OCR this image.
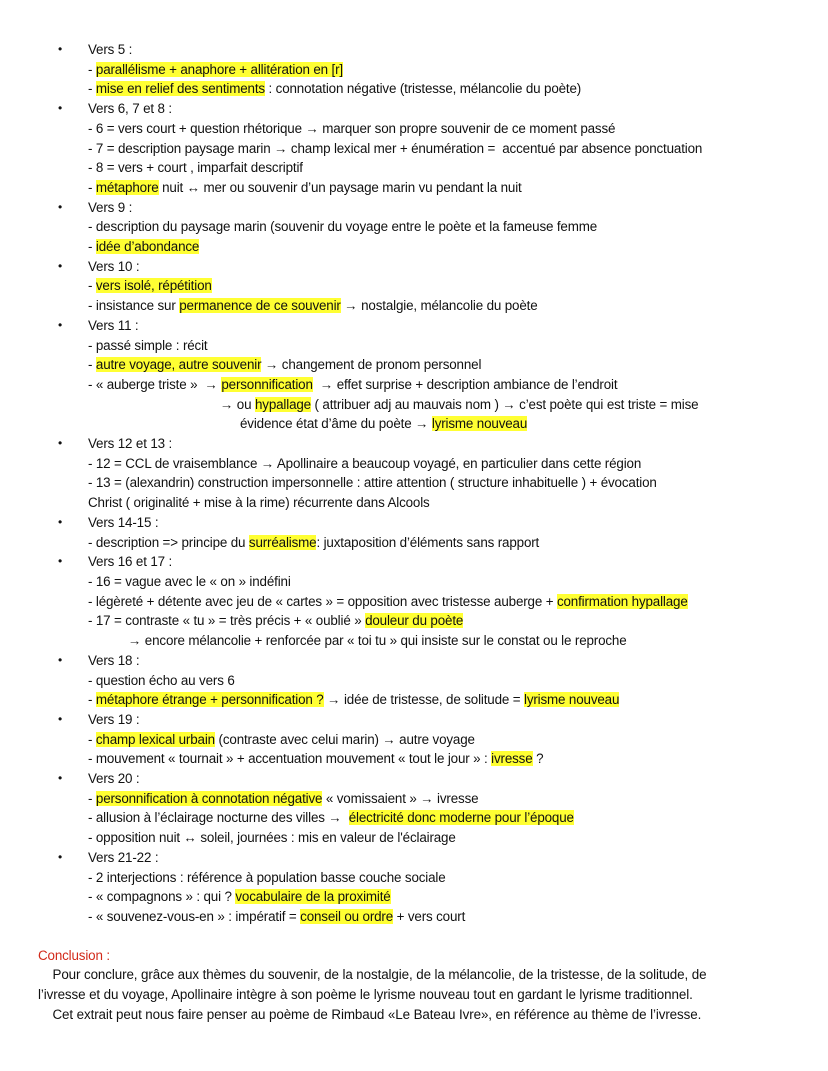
• Vers 5 :
- parallélisme + anaphore + allitération en [r]
- mise en relief des sentiments : connotation négative (tristesse, mélancolie du poète)
• Vers 6, 7 et 8 :
- 6 = vers court + question rhétorique → marquer son propre souvenir de ce moment passé
- 7 = description paysage marin → champ lexical mer + énumération =  accentué par absence ponctuation
- 8 = vers + court , imparfait descriptif
- métaphore nuit ↔ mer ou souvenir d’un paysage marin vu pendant la nuit
• Vers 9 :
- description du paysage marin (souvenir du voyage entre le poète et la fameuse femme
- idée d’abondance
• Vers 10 :
- vers isolé, répétition
- insistance sur permanence de ce souvenir → nostalgie, mélancolie du poète
• Vers 11 :
- passé simple : récit
- autre voyage, autre souvenir → changement de pronom personnel
- « auberge triste »  → personnification  → effet surprise + description ambiance de l’endroit
→ ou hypallage ( attribuer adj au mauvais nom ) → c’est poète qui est triste = mise
évidence état d’âme du poète → lyrisme nouveau
• Vers 12 et 13 :
- 12 = CCL de vraisemblance → Apollinaire a beaucoup voyagé, en particulier dans cette région
- 13 = (alexandrin) construction impersonnelle : attire attention ( structure inhabituelle ) + évocation
Christ ( originalité + mise à la rime) récurrente dans Alcools
• Vers 14-15 :
- description => principe du surréalisme: juxtaposition d’éléments sans rapport
• Vers 16 et 17 :
- 16 = vague avec le « on » indéfini
- légèreté + détente avec jeu de « cartes » = opposition avec tristesse auberge + confirmation hypallage
- 17 = contraste « tu » = très précis + « oublié » douleur du poète
→ encore mélancolie + renforcée par « toi tu » qui insiste sur le constat ou le reproche
• Vers 18 :
- question écho au vers 6
- métaphore étrange + personnification ? → idée de tristesse, de solitude = lyrisme nouveau
• Vers 19 :
- champ lexical urbain (contraste avec celui marin) → autre voyage
- mouvement « tournait » + accentuation mouvement « tout le jour » : ivresse ?
• Vers 20 :
- personnification à connotation négative « vomissaient » → ivresse
- allusion à l’éclairage nocturne des villes →  électricité donc moderne pour l’époque
- opposition nuit ↔ soleil, journées : mis en valeur de l'éclairage
• Vers 21-22 :
- 2 interjections : référence à population basse couche sociale
- « compagnons » : qui ? vocabulaire de la proximité
- « souvenez-vous-en » : impératif = conseil ou ordre + vers court
Conclusion :
Pour conclure, grâce aux thèmes du souvenir, de la nostalgie, de la mélancolie, de la tristesse, de la solitude, de
l’ivresse et du voyage, Apollinaire intègre à son poème le lyrisme nouveau tout en gardant le lyrisme traditionnel.
Cet extrait peut nous faire penser au poème de Rimbaud «Le Bateau Ivre», en référence au thème de l’ivresse.
